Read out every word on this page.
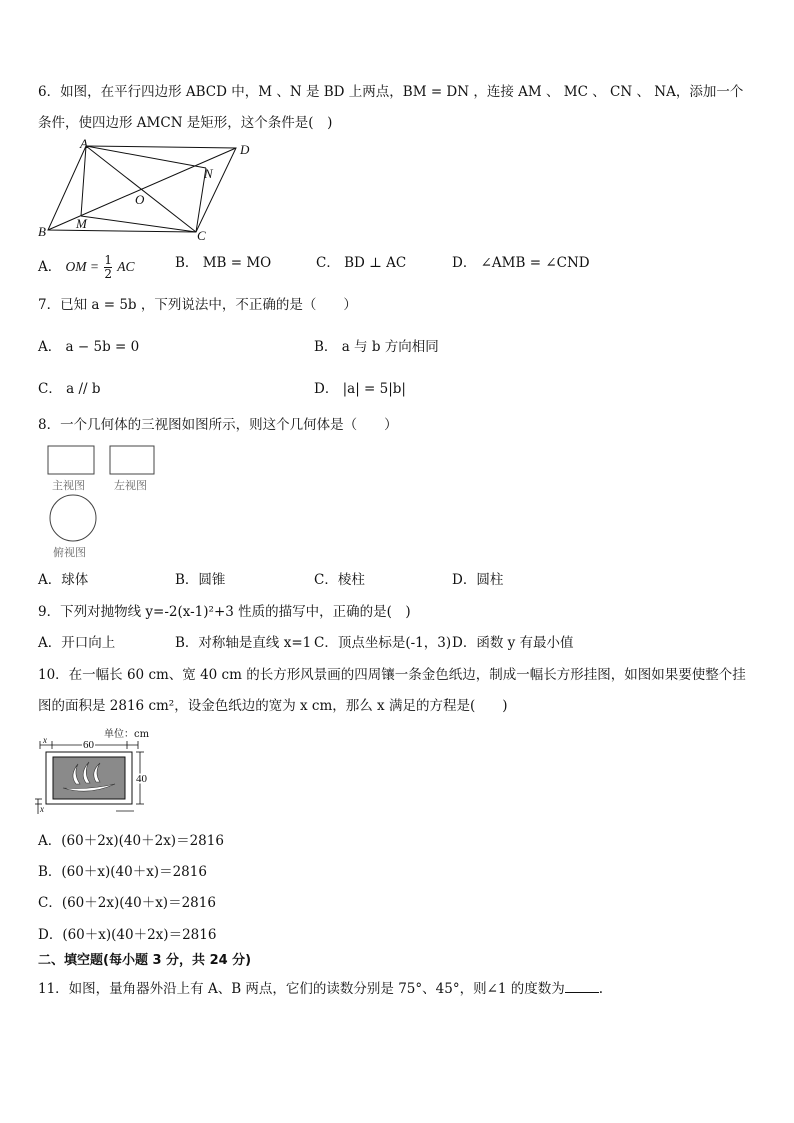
6．如图，在平行四边形 ABCD 中，M 、N 是 BD 上两点，BM = DN ，连接 AM 、 MC 、 CN 、 NA，添加一个
条件，使四边形 AMCN 是矩形，这个条件是(　)
A	D
B	C
M
N
O
A． OM = $\frac{1}{2}$ AC	B． MB = MO	C． BD ⊥ AC	D． ∠AMB = ∠CND
7．已知 a = 5b ，下列说法中，不正确的是（　　）
A． a − 5b = 0	B． a 与 b 方向相同
C． a // b	D． |a| = 5|b|
8．一个几何体的三视图如图所示，则这个几何体是（　　）
主视图	左视图
俯视图
A．球体	B．圆锥	C．棱柱	D．圆柱
9．下列对抛物线 y=-2(x-1)²+3 性质的描写中，正确的是(　)
A．开口向上	B．对称轴是直线 x=1 C．顶点坐标是(-1，3) D．函数 y 有最小值
10．在一幅长 60 cm、宽 40 cm 的长方形风景画的四周镶一条金色纸边，制成一幅长方形挂图，如图如果要使整个挂
图的面积是 2816 cm²，设金色纸边的宽为 x cm，那么 x 满足的方程是(　　)
单位：cm
60
x
40
x
A．(60＋2x)(40＋2x)＝2816
B．(60＋x)(40＋x)＝2816
C．(60＋2x)(40＋x)＝2816
D．(60＋x)(40＋2x)＝2816
二、填空题(每小题 3 分，共 24 分)
11．如图，量角器外沿上有 A、B 两点，它们的读数分别是 75°、45°，则∠1 的度数为	.
